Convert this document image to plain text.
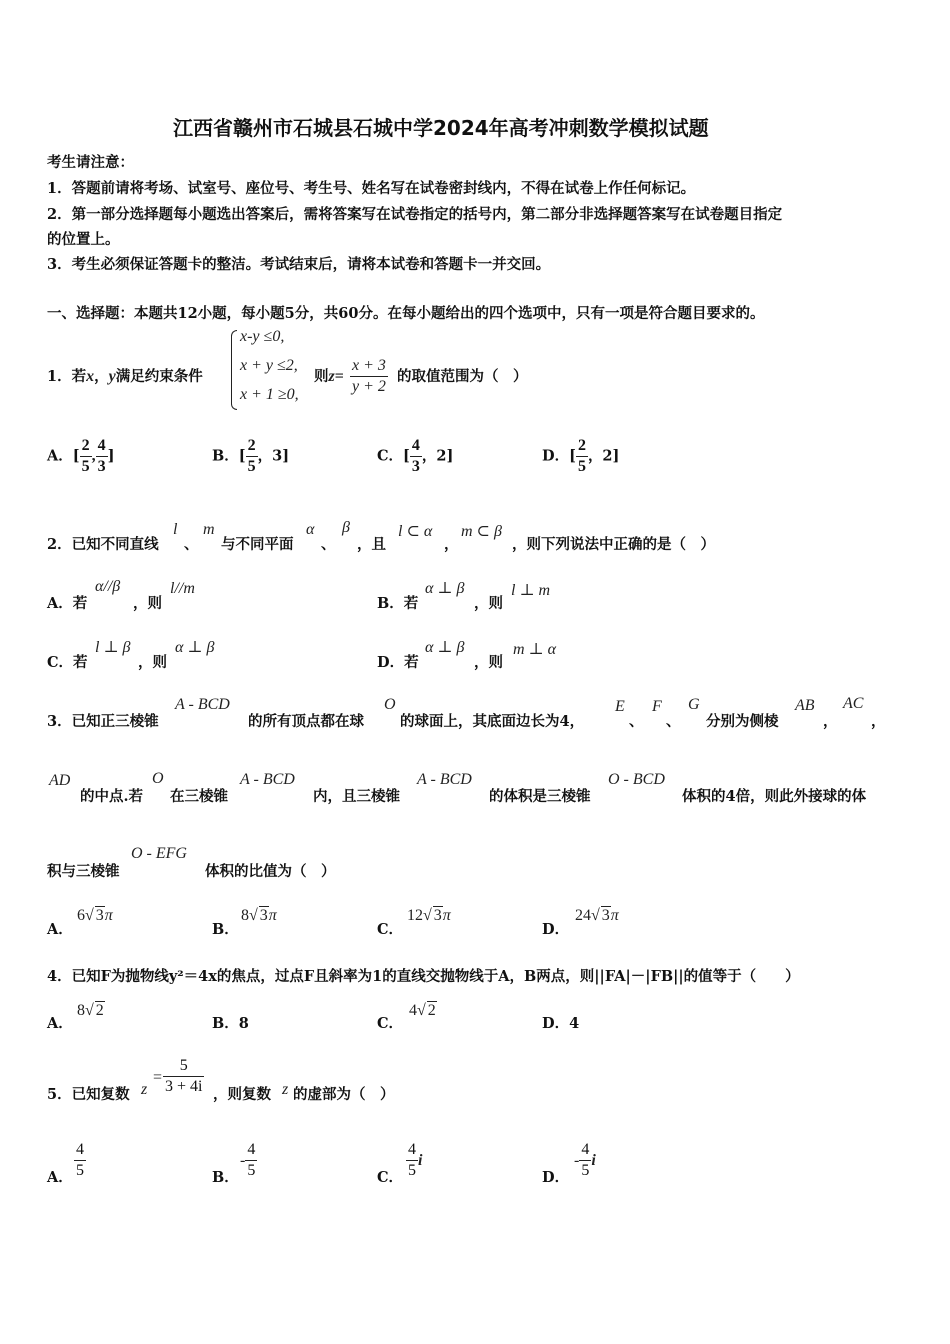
江西省赣州市石城县石城中学2024年高考冲刺数学模拟试题
考生请注意：
1．答题前请将考场、试室号、座位号、考生号、姓名写在试卷密封线内，不得在试卷上作任何标记。
2．第一部分选择题每小题选出答案后，需将答案写在试卷指定的括号内，第二部分非选择题答案写在试卷题目指定
的位置上。
3．考生必须保证答题卡的整洁。考试结束后，请将本试卷和答题卡一并交回。
一、选择题：本题共12小题，每小题5分，共60分。在每小题给出的四个选项中，只有一项是符合题目要求的。
1．若x，y满足约束条件
x-y ≤0,
x + y ≤2,
x + 1 ≥0,
则$z= \frac{x + 3}{y + 2}$ 的取值范围为（　）
A．[ $\frac{2}{5}$ , $\frac{4}{3}$ ]	B．[ $\frac{2}{5}$ ，3]	C．[ $\frac{4}{3}$ ，2]	D．[ $\frac{2}{5}$ ，2]
2．已知不同直线
l
、
m
与不同平面
α
、
β
，且
l ⊂ α
，
m ⊂ β
，则下列说法中正确的是（　）
A．若
α//β
，则
l//m
B．若
α ⊥ β
，则
l ⊥ m
C．若
l ⊥ β
，则
α ⊥ β
D．若
α ⊥ β
，则
m ⊥ α
3．已知正三棱锥
A - BCD
的所有顶点都在球
O
的球面上，其底面边长为4，
E
、
F
、
G
分别为侧棱
AB
，
AC
，
AD
的中点.若
O
在三棱锥
A - BCD
内，且三棱锥
A - BCD
的体积是三棱锥
O - BCD
体积的4倍，则此外接球的体
积与三棱锥
O - EFG
体积的比值为（　）
A．
6√ 3π
B．
8√ 3π
C．
12√ 3π
D．
24√ 3π
4．已知F为抛物线y²＝4x的焦点，过点F且斜率为1的直线交抛物线于A，B两点，则||FA|－|FB||的值等于（　　）
A．
8√ 2
B．8	C．
4√ 2
D．4
5．已知复数 z
= $\frac{5}{3 + 4i}$ ，则复数 z 的虚部为（　）
A． $\frac{4}{5}$	B．
- $\frac{4}{5}$	C． $\frac{4}{5}$ i
D．
- $\frac{4}{5}$ i
